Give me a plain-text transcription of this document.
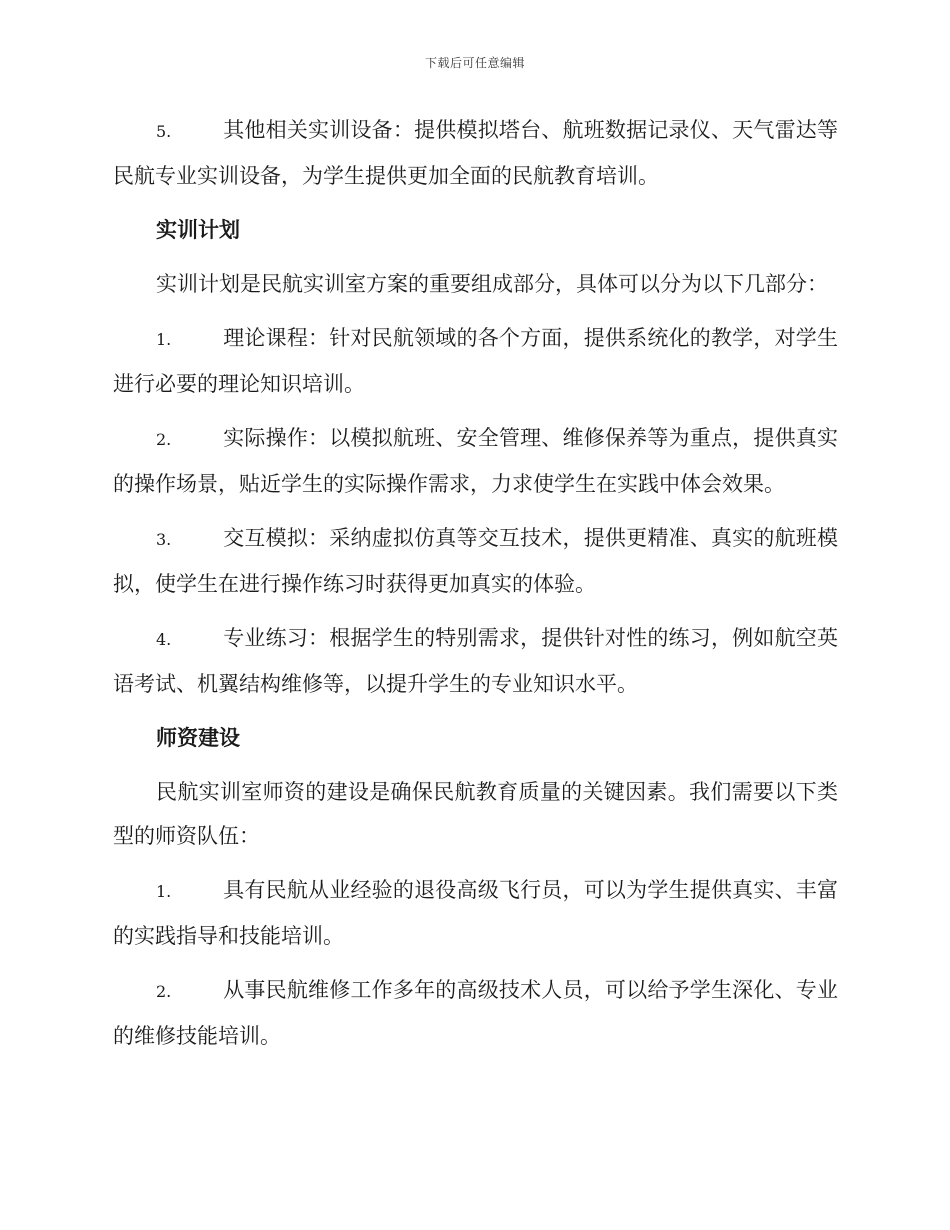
下载后可任意编辑

5. 其他相关实训设备：提供模拟塔台、航班数据记录仪、天气雷达等民航专业实训设备，为学生提供更加全面的民航教育培训。

实训计划

实训计划是民航实训室方案的重要组成部分，具体可以分为以下几部分：

1. 理论课程：针对民航领域的各个方面，提供系统化的教学，对学生进行必要的理论知识培训。

2. 实际操作：以模拟航班、安全管理、维修保养等为重点，提供真实的操作场景，贴近学生的实际操作需求，力求使学生在实践中体会效果。

3. 交互模拟：采纳虚拟仿真等交互技术，提供更精准、真实的航班模拟，使学生在进行操作练习时获得更加真实的体验。

4. 专业练习：根据学生的特别需求，提供针对性的练习，例如航空英语考试、机翼结构维修等，以提升学生的专业知识水平。

师资建设

民航实训室师资的建设是确保民航教育质量的关键因素。我们需要以下类型的师资队伍：

1. 具有民航从业经验的退役高级飞行员，可以为学生提供真实、丰富的实践指导和技能培训。

2. 从事民航维修工作多年的高级技术人员，可以给予学生深化、专业的维修技能培训。
